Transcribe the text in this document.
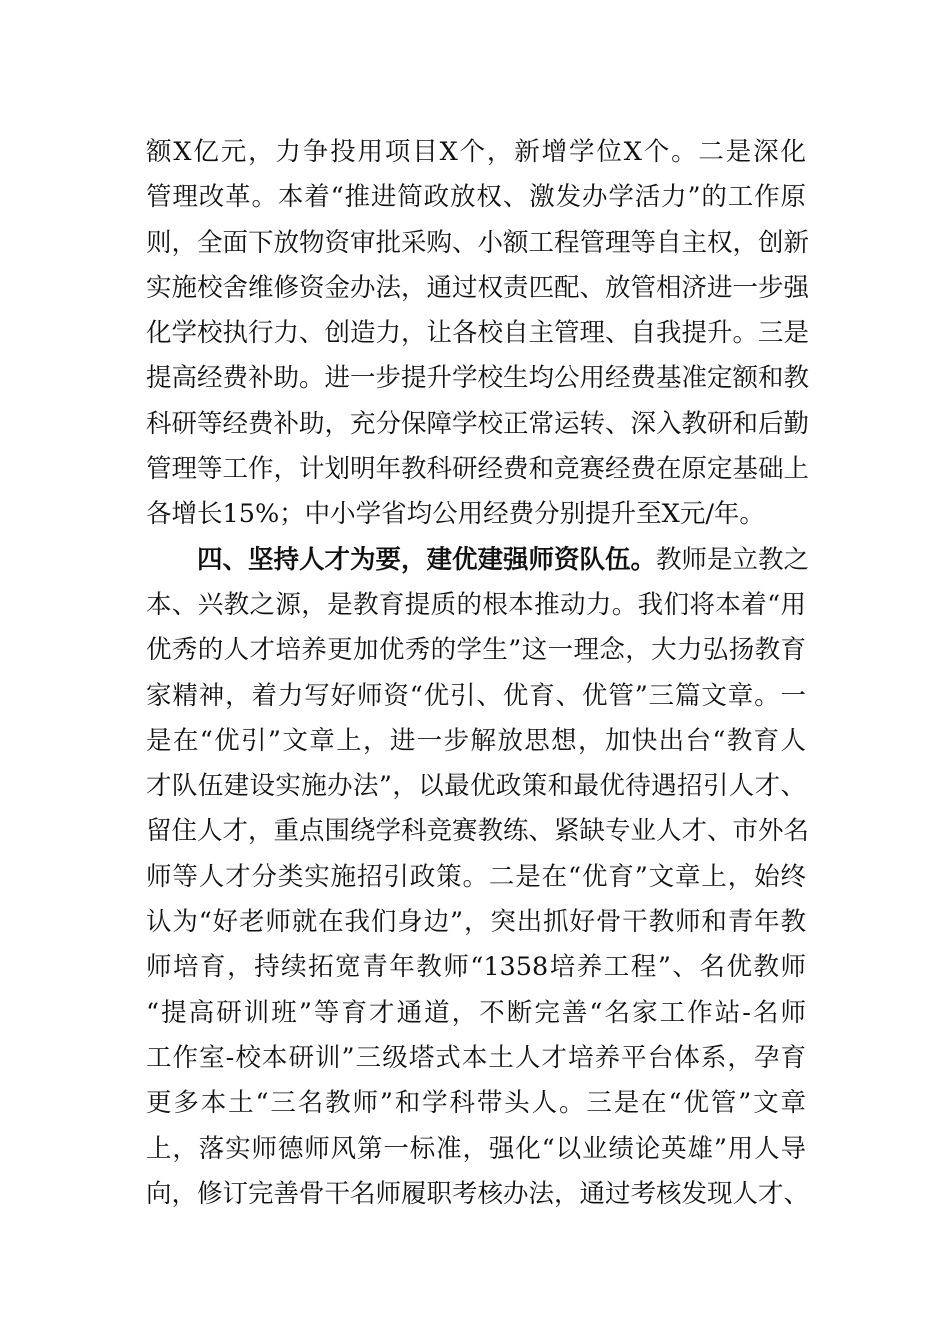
额X亿元，力争投用项目X个，新增学位X个。二是深化
管理改革。本着“推进简政放权、激发办学活力”的工作原
则，全面下放物资审批采购、小额工程管理等自主权，创新
实施校舍维修资金办法，通过权责匹配、放管相济进一步强
化学校执行力、创造力，让各校自主管理、自我提升。三是
提高经费补助。进一步提升学校生均公用经费基准定额和教
科研等经费补助，充分保障学校正常运转、深入教研和后勤
管理等工作，计划明年教科研经费和竞赛经费在原定基础上
各增长15%；中小学省均公用经费分别提升至X元/年。
四、坚持人才为要，建优建强师资队伍。教师是立教之
本、兴教之源，是教育提质的根本推动力。我们将本着“用
优秀的人才培养更加优秀的学生”这一理念，大力弘扬教育
家精神，着力写好师资“优引、优育、优管”三篇文章。一
是在“优引”文章上，进一步解放思想，加快出台“教育人
才队伍建设实施办法”，以最优政策和最优待遇招引人才、
留住人才，重点围绕学科竞赛教练、紧缺专业人才、市外名
师等人才分类实施招引政策。二是在“优育”文章上，始终
认为“好老师就在我们身边”，突出抓好骨干教师和青年教
师培育，持续拓宽青年教师“1358培养工程”、名优教师
“提高研训班”等育才通道，不断完善“名家工作站-名师
工作室-校本研训”三级塔式本土人才培养平台体系，孕育
更多本土“三名教师”和学科带头人。三是在“优管”文章
上，落实师德师风第一标准，强化“以业绩论英雄”用人导
向，修订完善骨干名师履职考核办法，通过考核发现人才、
